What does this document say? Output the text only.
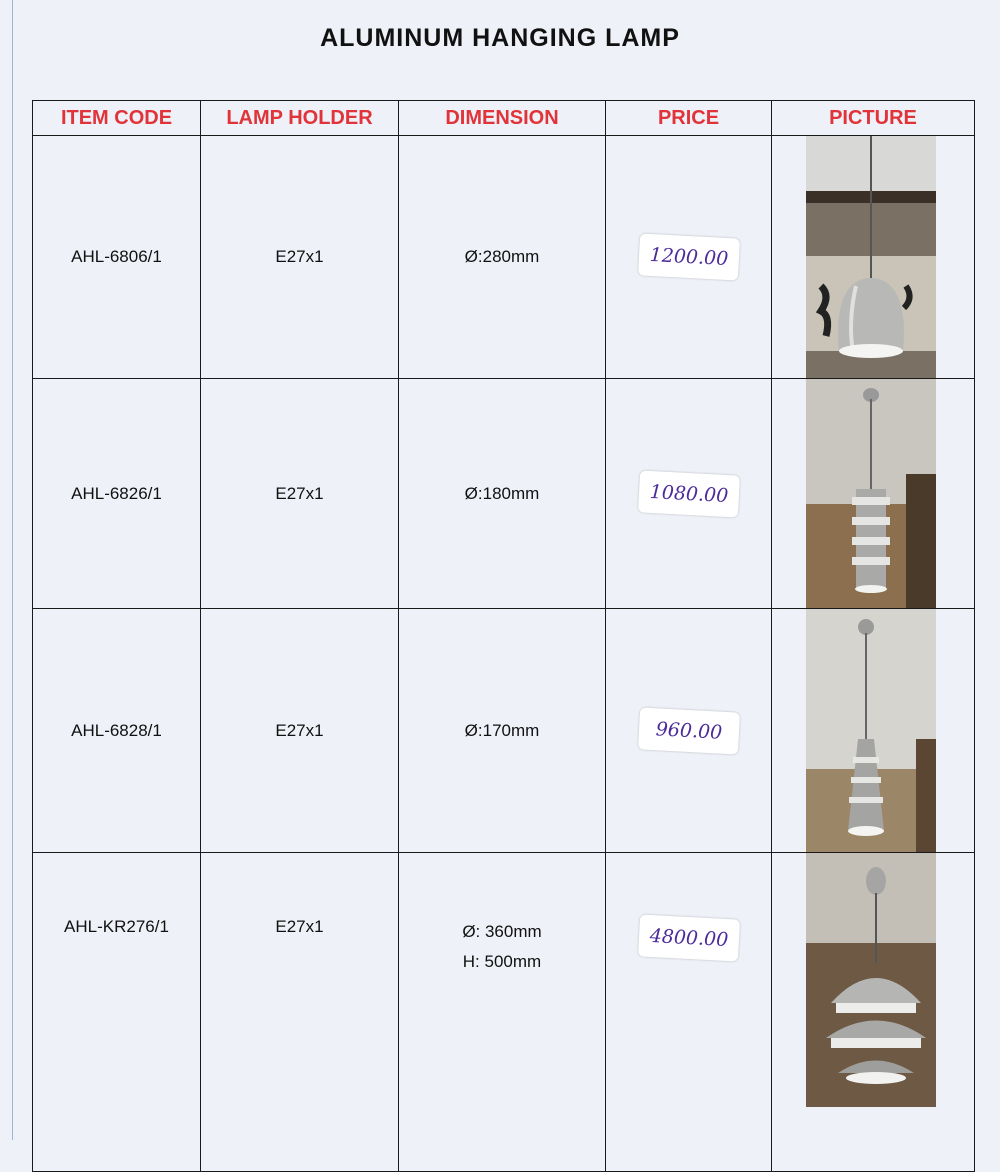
ALUMINUM HANGING LAMP
ITEM CODE	LAMP HOLDER	DIMENSION	PRICE	PICTURE
AHL-6806/1	E27x1	Ø:280mm	1200.00	

AHL-6826/1	E27x1	Ø:180mm	1080.00	

AHL-6828/1	E27x1	Ø:170mm	960.00	

AHL-KR276/1	E27x1	Ø: 360mm
H: 500mm	4800.00	
